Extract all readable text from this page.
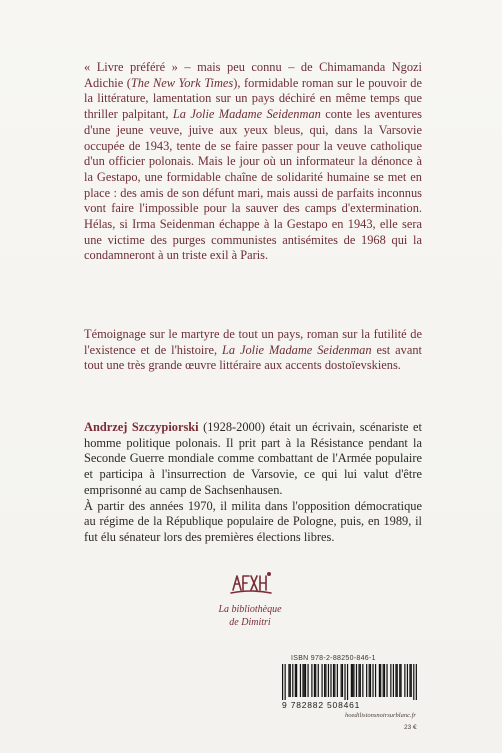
« Livre préféré » – mais peu connu – de Chimamanda Ngozi Adichie (The New York Times), formidable roman sur le pouvoir de la littérature, lamentation sur un pays déchiré en même temps que thriller palpitant, La Jolie Madame Seidenman conte les aventures d'une jeune veuve, juive aux yeux bleus, qui, dans la Varsovie occupée de 1943, tente de se faire passer pour la veuve catholique d'un officier polonais. Mais le jour où un informateur la dénonce à la Gestapo, une formidable chaîne de solidarité humaine se met en place : des amis de son défunt mari, mais aussi de parfaits inconnus vont faire l'impossible pour la sauver des camps d'extermination. Hélas, si Irma Seidenman échappe à la Gestapo en 1943, elle sera une victime des purges communistes antisémites de 1968 qui la condamneront à un triste exil à Paris.

Témoignage sur le martyre de tout un pays, roman sur la futilité de l'existence et de l'histoire, La Jolie Madame Seidenman est avant tout une très grande œuvre littéraire aux accents dostoïevskiens.

Andrzej Szczypiorski (1928-2000) était un écrivain, scénariste et homme politique polonais. Il prit part à la Résistance pendant la Seconde Guerre mondiale comme combattant de l'Armée populaire et participa à l'insurrection de Varsovie, ce qui lui valut d'être emprisonné au camp de Sachsenhausen.
À partir des années 1970, il milita dans l'opposition démocratique au régime de la République populaire de Pologne, puis, en 1989, il fut élu sénateur lors des premières élections libres.

La bibliothèque
de Dimitri
ISBN 978-2-88250-846-1
9 782882 508461
hoedilisionsnoirsurblanc.fr
23 €
